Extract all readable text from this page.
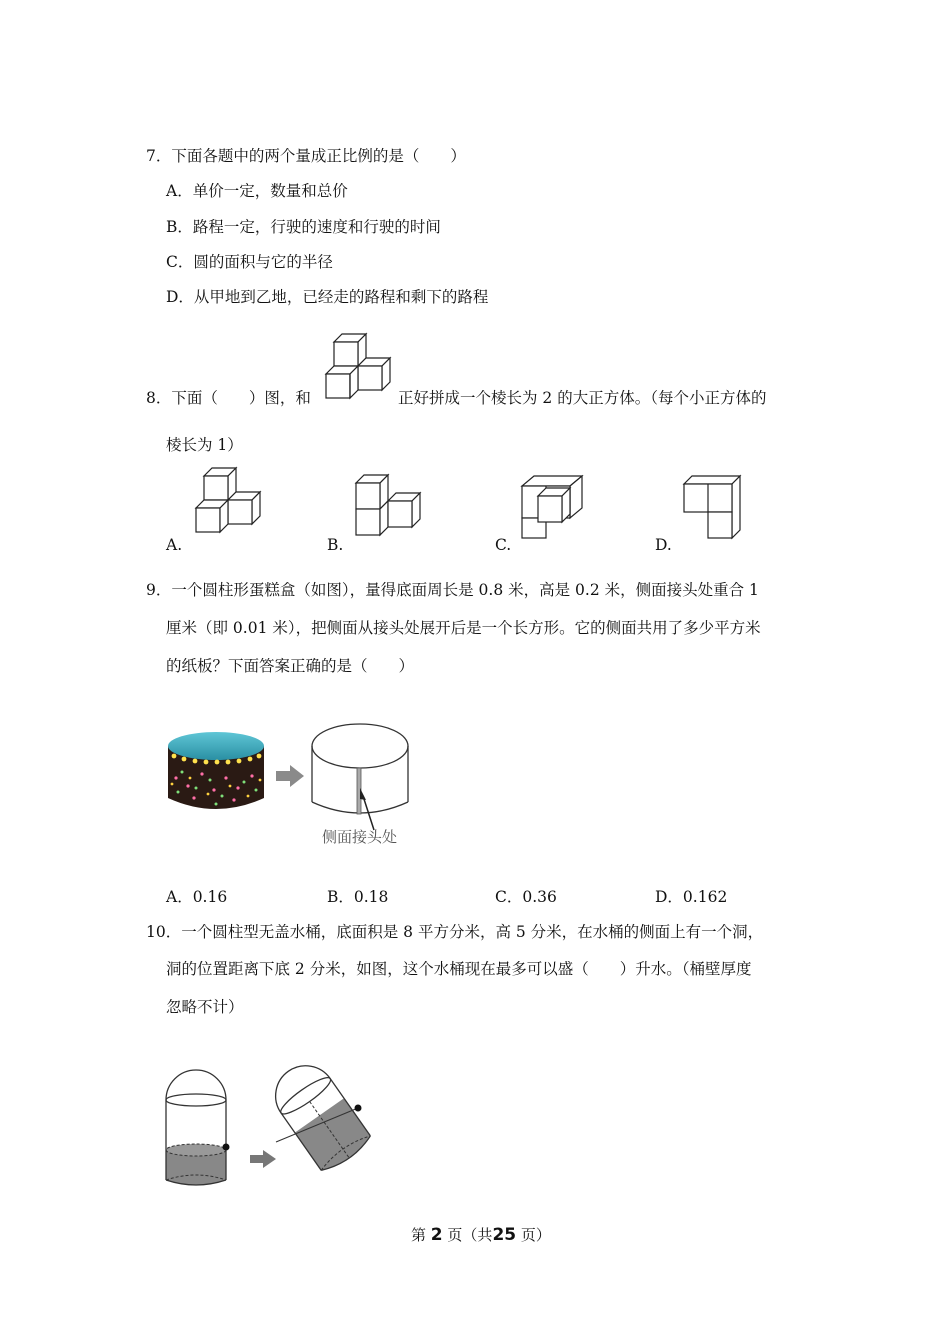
7．下面各题中的两个量成正比例的是（　　）
A．单价一定，数量和总价
B．路程一定，行驶的速度和行驶的时间
C．圆的面积与它的半径
D．从甲地到乙地，已经走的路程和剩下的路程
8．下面（　　）图，和	正好拼成一个棱长为 2 的大正方体。（每个小正方体的
棱长为 1）
A.	B.	C.	D.
9．一个圆柱形蛋糕盒（如图），量得底面周长是 0.8 米，高是 0.2 米，侧面接头处重合 1
厘米（即 0.01 米），把侧面从接头处展开后是一个长方形。它的侧面共用了多少平方米
的纸板？下面答案正确的是（　　）
侧面接头处
A．0.16	B．0.18	C．0.36	D．0.162
10．一个圆柱型无盖水桶，底面积是 8 平方分米，高 5 分米，在水桶的侧面上有一个洞，
洞的位置距离下底 2 分米，如图，这个水桶现在最多可以盛（　　）升水。（桶壁厚度
忽略不计）
第 2 页（共25 页）
